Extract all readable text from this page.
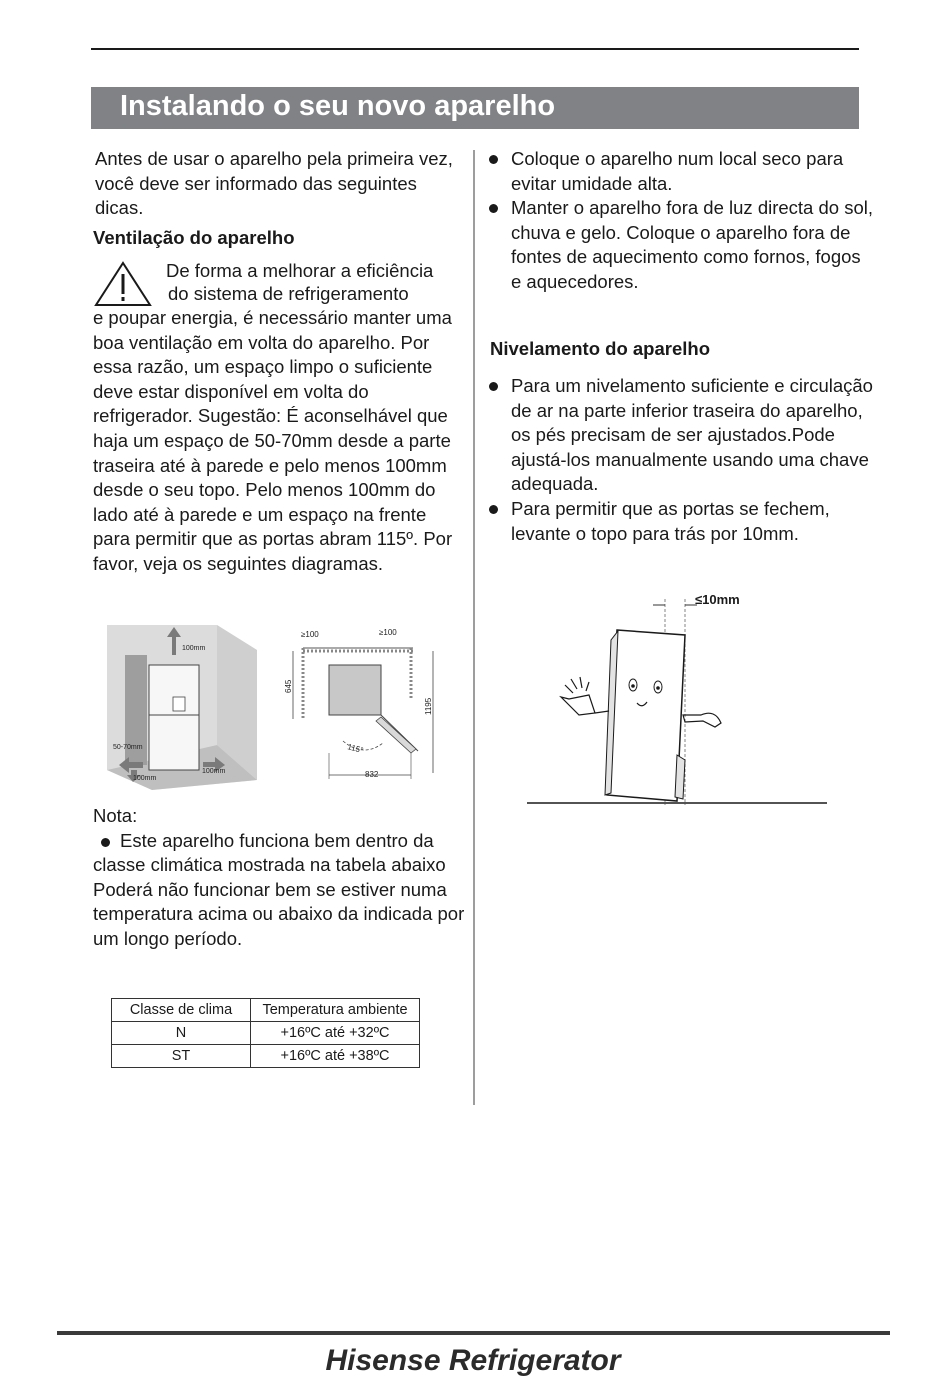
Instalando o seu novo aparelho

Antes de usar o aparelho pela primeira vez, você deve ser informado das seguintes dicas.

Ventilação do aparelho
De forma a melhorar a eficiência
do sistema de refrigeramento

e poupar energia, é necessário manter uma boa ventilação em volta do aparelho. Por essa razão, um espaço limpo o suficiente deve estar disponível em volta do refrigerador. Sugestão: É aconselhável que haja um espaço de 50-70mm desde a parte traseira até à parede e pelo menos 100mm desde o seu topo. Pelo menos 100mm do lado até à parede e um espaço na frente para permitir que as portas abram 115º. Por favor, veja os seguintes diagramas.

100mm
50-70mm
100mm
100mm
≥100	≥100
645
1195
115°
832

Nota:

Este aparelho funciona bem dentro da classe climática mostrada na tabela abaixo

Poderá não funcionar bem se estiver numa temperatura acima ou abaixo da indicada por um longo período.

Classe de clima	Temperatura ambiente
N	+16ºC até +32ºC
ST	+16ºC até +38ºC

Coloque o aparelho num local seco para evitar umidade alta.

Manter o aparelho fora de luz directa do sol, chuva e gelo. Coloque o aparelho fora de fontes de aquecimento como fornos, fogos e aquecedores.

Nivelamento do aparelho

Para um nivelamento suficiente e circulação de ar na parte inferior traseira do aparelho, os pés precisam de ser ajustados.Pode ajustá-los manualmente usando uma chave adequada.

Para permitir que as portas se fechem, levante o topo para trás por 10mm.

≤10mm
Hisense Refrigerator
